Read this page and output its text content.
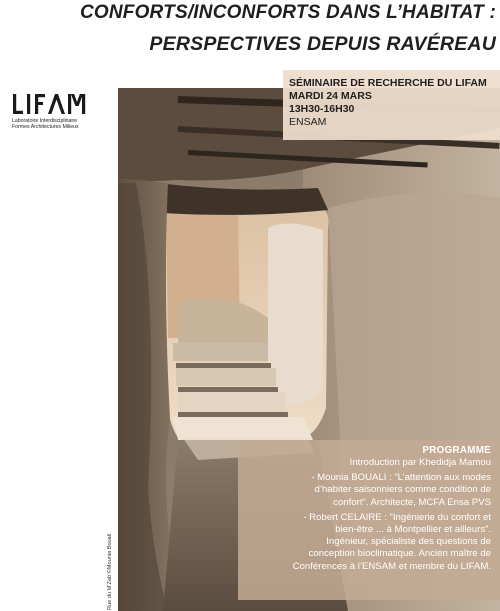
CONFORTS/INCONFORTS DANS L’HABITAT :
PERSPECTIVES DEPUIS RAVÉREAU
Laboratoire Interdisciplinaire
Formes Architectures Milieux
SÉMINAIRE DE RECHERCHE DU LIFAM
MARDI 24 MARS
13H30-16H30
ENSAM
PROGRAMME
Introduction par Khedidja Mamou
- Mounia BOUALI : “L’attention aux modes
d’habiter saisonniers comme condition de
confort”. Architecte, MCFA Ensa PVS
- Robert CELAIRE : “Ingénierie du confort et
bien-être ... à Montpellier et ailleurs”.
Ingénieur, spécialiste des questions de
conception bioclimatique. Ancien maître de
Conférences à l’ENSAM et membre du LIFAM.
Rue du M’Zab ©Mounia Bouali
